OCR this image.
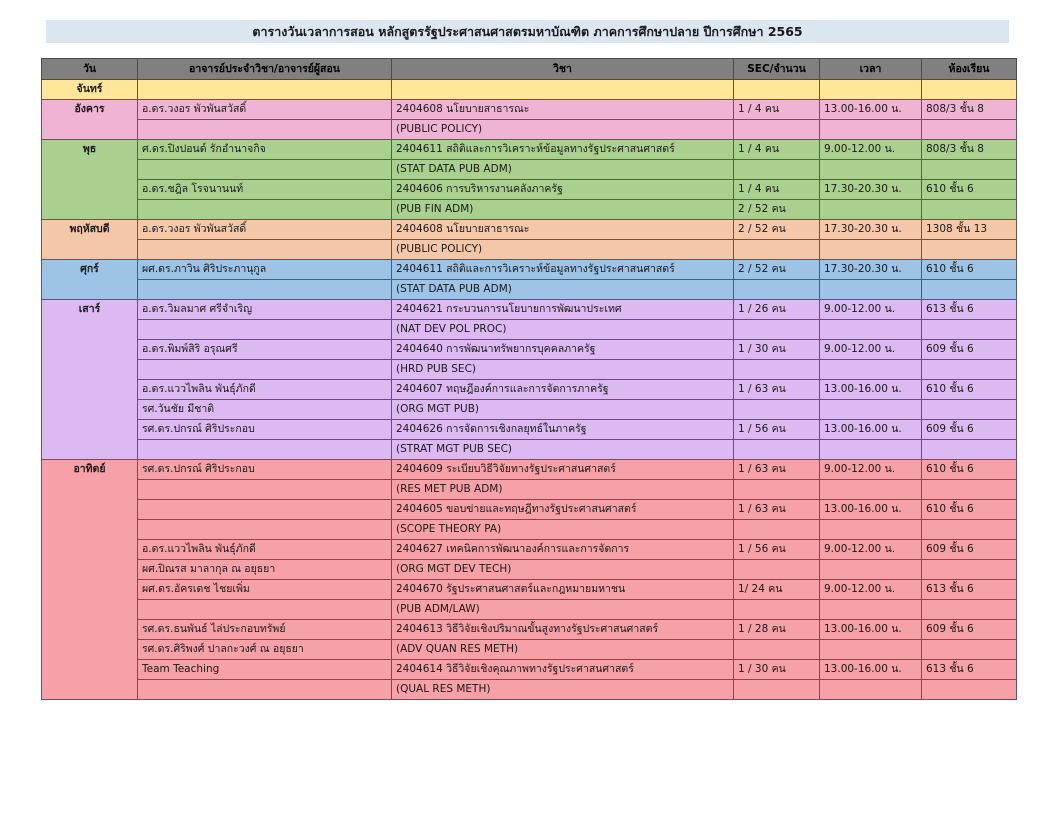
ตารางวันเวลาการสอน หลักสูตรรัฐประศาสนศาสตรมหาบัณฑิต ภาคการศึกษาปลาย ปีการศึกษา 2565
วัน	อาจารย์ประจำวิชา/อาจารย์ผู้สอน	วิชา	SEC/จำนวน	เวลา	ห้องเรียน
จันทร์					
อังคาร	อ.ดร.วงอร พัวพันสวัสดิ์	2404608 นโยบายสาธารณะ	1 / 4 คน	13.00-16.00 น.	808/3 ชั้น 8
		(PUBLIC POLICY)			
พุธ	ศ.ดร.ปิงปอนด์ รักอำนาจกิจ	2404611 สถิติและการวิเคราะห์ข้อมูลทางรัฐประศาสนศาสตร์	1 / 4 คน	9.00-12.00 น.	808/3 ชั้น 8
		(STAT DATA PUB ADM)			
	อ.ดร.ชฎิล โรจนานนท์	2404606 การบริหารงานคลังภาครัฐ	1 / 4 คน	17.30-20.30 น.	610 ชั้น 6
		(PUB FIN ADM)	2 / 52 คน		
พฤหัสบดี	อ.ดร.วงอร พัวพันสวัสดิ์	2404608 นโยบายสาธารณะ	2 / 52 คน	17.30-20.30 น.	1308 ชั้น 13
		(PUBLIC POLICY)			
ศุกร์	ผศ.ดร.ภาวิน ศิริประภานุกูล	2404611 สถิติและการวิเคราะห์ข้อมูลทางรัฐประศาสนศาสตร์	2 / 52 คน	17.30-20.30 น.	610 ชั้น 6
		(STAT DATA PUB ADM)			
เสาร์	อ.ดร.วิมลมาศ ศรีจำเริญ	2404621 กระบวนการนโยบายการพัฒนาประเทศ	1 / 26 คน	9.00-12.00 น.	613 ชั้น 6
		(NAT DEV POL PROC)			
	อ.ดร.พิมพ์สิริ อรุณศรี	2404640 การพัฒนาทรัพยากรบุคคลภาครัฐ	1 / 30 คน	9.00-12.00 น.	609 ชั้น 6
		(HRD PUB SEC)			
	อ.ดร.แววไพลิน พันธุ์ภักดี	2404607 ทฤษฎีองค์การและการจัดการภาครัฐ	1 / 63 คน	13.00-16.00 น.	610 ชั้น 6
	รศ.วันชัย มีชาติ	(ORG MGT PUB)			
	รศ.ดร.ปกรณ์ ศิริประกอบ	2404626 การจัดการเชิงกลยุทธ์ในภาครัฐ	1 / 56 คน	13.00-16.00 น.	609 ชั้น 6
		(STRAT MGT PUB SEC)			
อาทิตย์	รศ.ดร.ปกรณ์ ศิริประกอบ	2404609 ระเบียบวิธีวิจัยทางรัฐประศาสนศาสตร์	1 / 63 คน	9.00-12.00 น.	610 ชั้น 6
		(RES MET PUB ADM)			
		2404605 ขอบข่ายและทฤษฎีทางรัฐประศาสนศาสตร์	1 / 63 คน	13.00-16.00 น.	610 ชั้น 6
		(SCOPE THEORY PA)			
	อ.ดร.แววไพลิน พันธุ์ภักดี	2404627 เทคนิคการพัฒนาองค์การและการจัดการ	1 / 56 คน	9.00-12.00 น.	609 ชั้น 6
	ผศ.ปิณรส มาลากุล ณ อยุธยา	(ORG MGT DEV TECH)			
	ผศ.ดร.อัครเดช ไชยเพิ่ม	2404670 รัฐประศาสนศาสตร์และกฎหมายมหาชน	1/ 24 คน	9.00-12.00 น.	613 ชั้น 6
		(PUB ADM/LAW)			
	รศ.ดร.ธนพันธ์ ไล่ประกอบทรัพย์	2404613 วิธีวิจัยเชิงปริมาณขั้นสูงทางรัฐประศาสนศาสตร์	1 / 28 คน	13.00-16.00 น.	609 ชั้น 6
	รศ.ดร.ศิริพงศ์ ปาลกะวงศ์ ณ อยุธยา	(ADV QUAN RES METH)			
	Team Teaching	2404614 วิธีวิจัยเชิงคุณภาพทางรัฐประศาสนศาสตร์	1 / 30 คน	13.00-16.00 น.	613 ชั้น 6
		(QUAL RES METH)			
